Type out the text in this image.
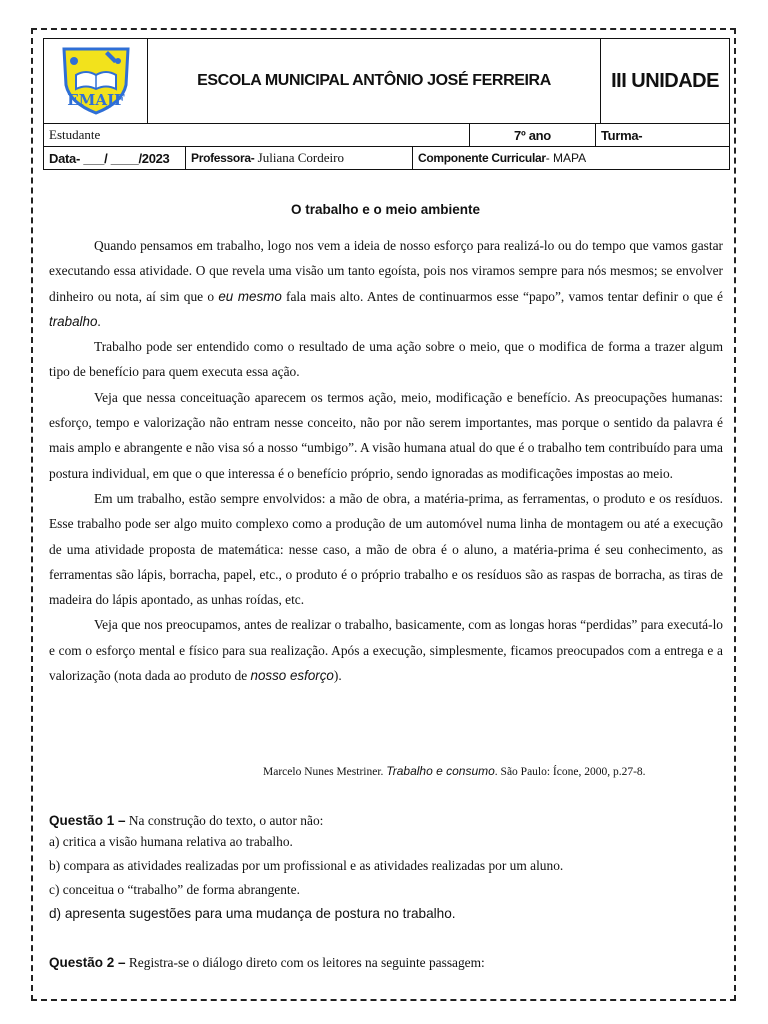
EMAJF
	ESCOLA MUNICIPAL ANTÔNIO JOSÉ FERREIRA	III UNIDADE
Estudante	7º ano	Turma-
Data- ___/ ____/2023	Professora- Juliana Cordeiro	Componente Curricular- MAPA
O trabalho e o meio ambiente

Quando pensamos em trabalho, logo nos vem a ideia de nosso esforço para realizá-lo ou do tempo que vamos gastar executando essa atividade. O que revela uma visão um tanto egoísta, pois nos viramos sempre para nós mesmos; se envolver dinheiro ou nota, aí sim que o eu mesmo fala mais alto. Antes de continuarmos esse “papo”, vamos tentar definir o que é trabalho.

Trabalho pode ser entendido como o resultado de uma ação sobre o meio, que o modifica de forma a trazer algum tipo de benefício para quem executa essa ação.

Veja que nessa conceituação aparecem os termos ação, meio, modificação e benefício. As preocupações humanas: esforço, tempo e valorização não entram nesse conceito, não por não serem importantes, mas porque o sentido da palavra é mais amplo e abrangente e não visa só a nosso “umbigo”. A visão humana atual do que é o trabalho tem contribuído para uma postura individual, em que o que interessa é o benefício próprio, sendo ignoradas as modificações impostas ao meio.

Em um trabalho, estão sempre envolvidos: a mão de obra, a matéria-prima, as ferramentas, o produto e os resíduos. Esse trabalho pode ser algo muito complexo como a produção de um automóvel numa linha de montagem ou até a execução de uma atividade proposta de matemática: nesse caso, a mão de obra é o aluno, a matéria-prima é seu conhecimento, as ferramentas são lápis, borracha, papel, etc., o produto é o próprio trabalho e os resíduos são as raspas de borracha, as tiras de madeira do lápis apontado, as unhas roídas, etc.

Veja que nos preocupamos, antes de realizar o trabalho, basicamente, com as longas horas “perdidas” para executá-lo e com o esforço mental e físico para sua realização. Após a execução, simplesmente, ficamos preocupados com a entrega e a valorização (nota dada ao produto de nosso esforço).

Marcelo Nunes Mestriner. Trabalho e consumo. São Paulo: Ícone, 2000, p.27-8.

Questão 1 – Na construção do texto, o autor não:

a) critica a visão humana relativa ao trabalho.

b) compara as atividades realizadas por um profissional e as atividades realizadas por um aluno.

c) conceitua o “trabalho” de forma abrangente.

d) apresenta sugestões para uma mudança de postura no trabalho.

Questão 2 – Registra-se o diálogo direto com os leitores na seguinte passagem:
